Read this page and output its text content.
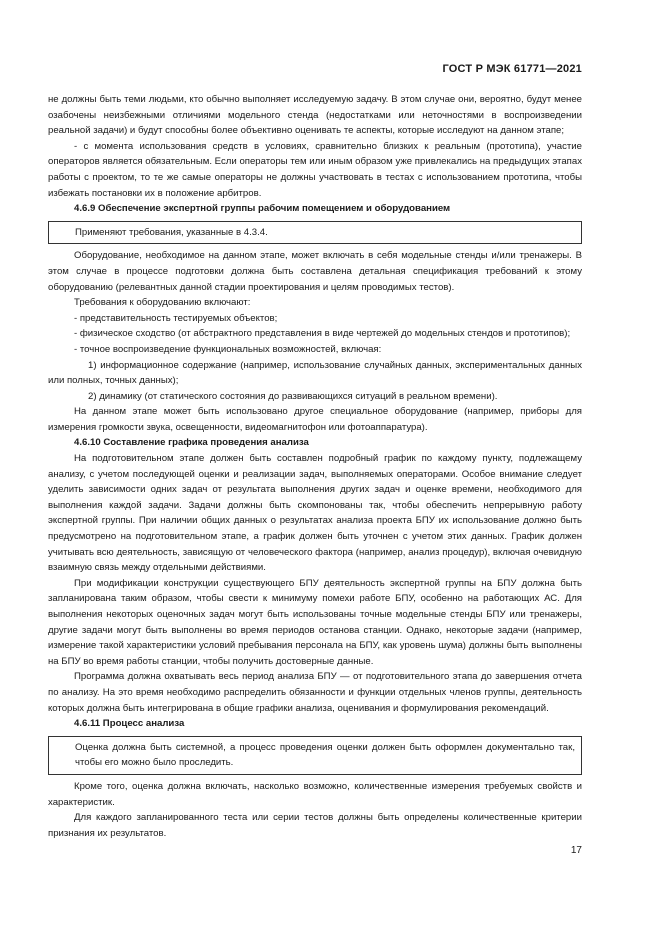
ГОСТ Р МЭК 61771—2021

не должны быть теми людьми, кто обычно выполняет исследуемую задачу. В этом случае они, вероятно, будут менее озабочены неизбежными отличиями модельного стенда (недостатками или неточностями в воспроизведении реальной задачи) и будут способны более объективно оценивать те аспекты, которые исследуют на данном этапе;

- с момента использования средств в условиях, сравнительно близких к реальным (прототипа), участие операторов является обязательным. Если операторы тем или иным образом уже привлекались на предыдущих этапах работы с проектом, то те же самые операторы не должны участвовать в тестах с использованием прототипа, чтобы избежать постановки их в положение арбитров.

4.6.9 Обеспечение экспертной группы рабочим помещением и оборудованием

Применяют требования, указанные в 4.3.4.

Оборудование, необходимое на данном этапе, может включать в себя модельные стенды и/или тренажеры. В этом случае в процессе подготовки должна быть составлена детальная спецификация требований к этому оборудованию (релевантных данной стадии проектирования и целям проводимых тестов).

Требования к оборудованию включают:

- представительность тестируемых объектов;

- физическое сходство (от абстрактного представления в виде чертежей до модельных стендов и прототипов);

- точное воспроизведение функциональных возможностей, включая:

1) информационное содержание (например, использование случайных данных, экспериментальных данных или полных, точных данных);

2) динамику (от статического состояния до развивающихся ситуаций в реальном времени).

На данном этапе может быть использовано другое специальное оборудование (например, приборы для измерения громкости звука, освещенности, видеомагнитофон или фотоаппаратура).

4.6.10 Составление графика проведения анализа

На подготовительном этапе должен быть составлен подробный график по каждому пункту, подлежащему анализу, с учетом последующей оценки и реализации задач, выполняемых операторами. Особое внимание следует уделить зависимости одних задач от результата выполнения других задач и оценке времени, необходимого для выполнения каждой задачи. Задачи должны быть скомпонованы так, чтобы обеспечить непрерывную работу экспертной группы. При наличии общих данных о результатах анализа проекта БПУ их использование должно быть предусмотрено на подготовительном этапе, а график должен быть уточнен с учетом этих данных. График должен учитывать всю деятельность, зависящую от человеческого фактора (например, анализ процедур), включая очевидную взаимную связь между отдельными действиями.

При модификации конструкции существующего БПУ деятельность экспертной группы на БПУ должна быть запланирована таким образом, чтобы свести к минимуму помехи работе БПУ, особенно на работающих АС. Для выполнения некоторых оценочных задач могут быть использованы точные модельные стенды БПУ или тренажеры, другие задачи могут быть выполнены во время периодов останова станции. Однако, некоторые задачи (например, измерение такой характеристики условий пребывания персонала на БПУ, как уровень шума) должны быть выполнены на БПУ во время работы станции, чтобы получить достоверные данные.

Программа должна охватывать весь период анализа БПУ — от подготовительного этапа до завершения отчета по анализу. На это время необходимо распределить обязанности и функции отдельных членов группы, деятельность которых должна быть интегрирована в общие графики анализа, оценивания и формулирования рекомендаций.

4.6.11 Процесс анализа

Оценка должна быть системной, а процесс проведения оценки должен быть оформлен документально так, чтобы его можно было проследить.

Кроме того, оценка должна включать, насколько возможно, количественные измерения требуемых свойств и характеристик.

Для каждого запланированного теста или серии тестов должны быть определены количественные критерии признания их результатов.

17
